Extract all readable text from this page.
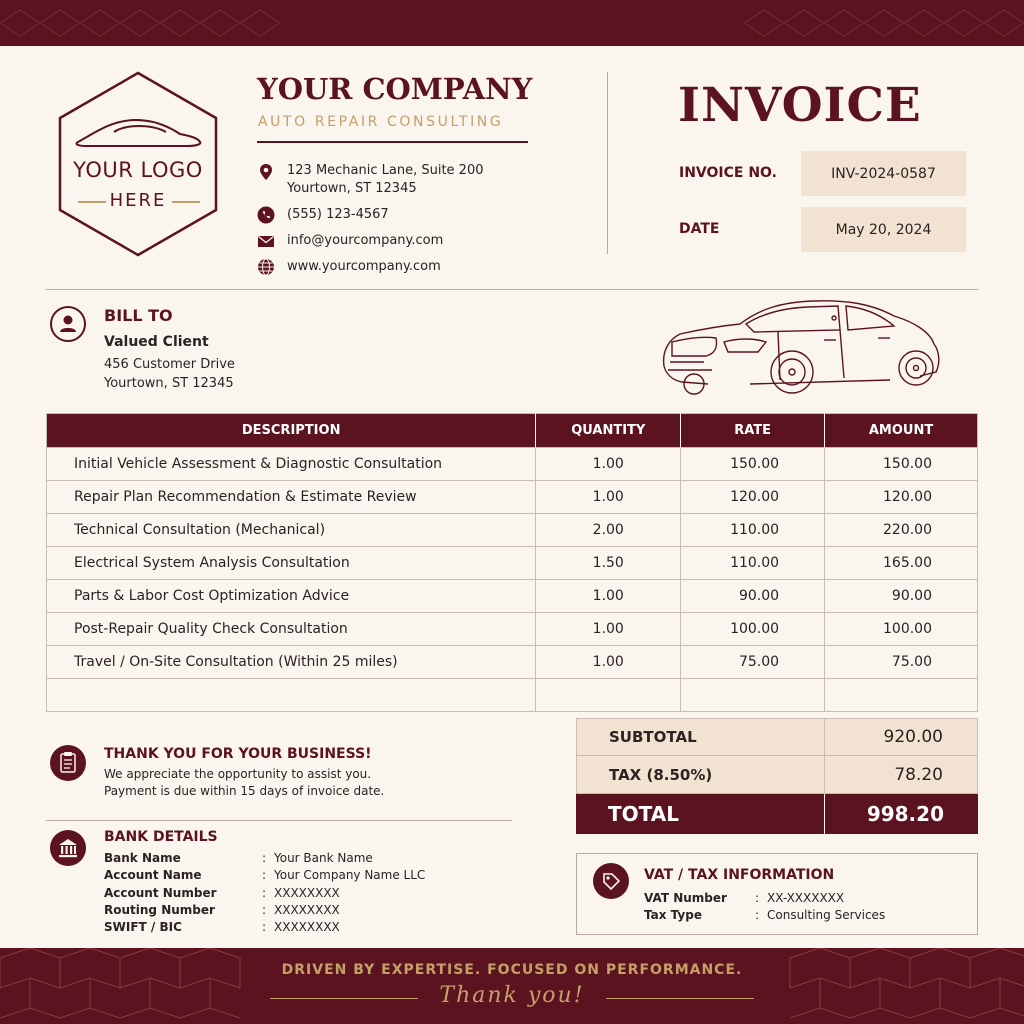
YOUR LOGO
HERE
YOUR COMPANY
AUTO REPAIR CONSULTING
123 Mechanic Lane, Suite 200
Yourtown, ST 12345
(555) 123-4567
info@yourcompany.com
www.yourcompany.com
INVOICE
INVOICE NO.	INV-2024-0587
DATE	May 20, 2024
BILL TO
Valued Client
456 Customer Drive
Yourtown, ST 12345
DESCRIPTION	QUANTITY	RATE	AMOUNT
Initial Vehicle Assessment & Diagnostic Consultation	1.00	150.00	150.00
Repair Plan Recommendation & Estimate Review	1.00	120.00	120.00
Technical Consultation (Mechanical)	2.00	110.00	220.00
Electrical System Analysis Consultation	1.50	110.00	165.00
Parts & Labor Cost Optimization Advice	1.00	90.00	90.00
Post-Repair Quality Check Consultation	1.00	100.00	100.00
Travel / On-Site Consultation (Within 25 miles)	1.00	75.00	75.00

SUBTOTAL	920.00
TAX (8.50%)	78.20
TOTAL	998.20
THANK YOU FOR YOUR BUSINESS!
We appreciate the opportunity to assist you.
Payment is due within 15 days of invoice date.
BANK DETAILS
Bank Name	: Your Bank Name
Account Name	: Your Company Name LLC
Account Number	: XXXXXXXX
Routing Number	: XXXXXXXX
SWIFT / BIC	: XXXXXXXX
VAT / TAX INFORMATION
VAT Number : XX-XXXXXXX
Tax Type	: Consulting Services
DRIVEN BY EXPERTISE. FOCUSED ON PERFORMANCE.
Thank you!
